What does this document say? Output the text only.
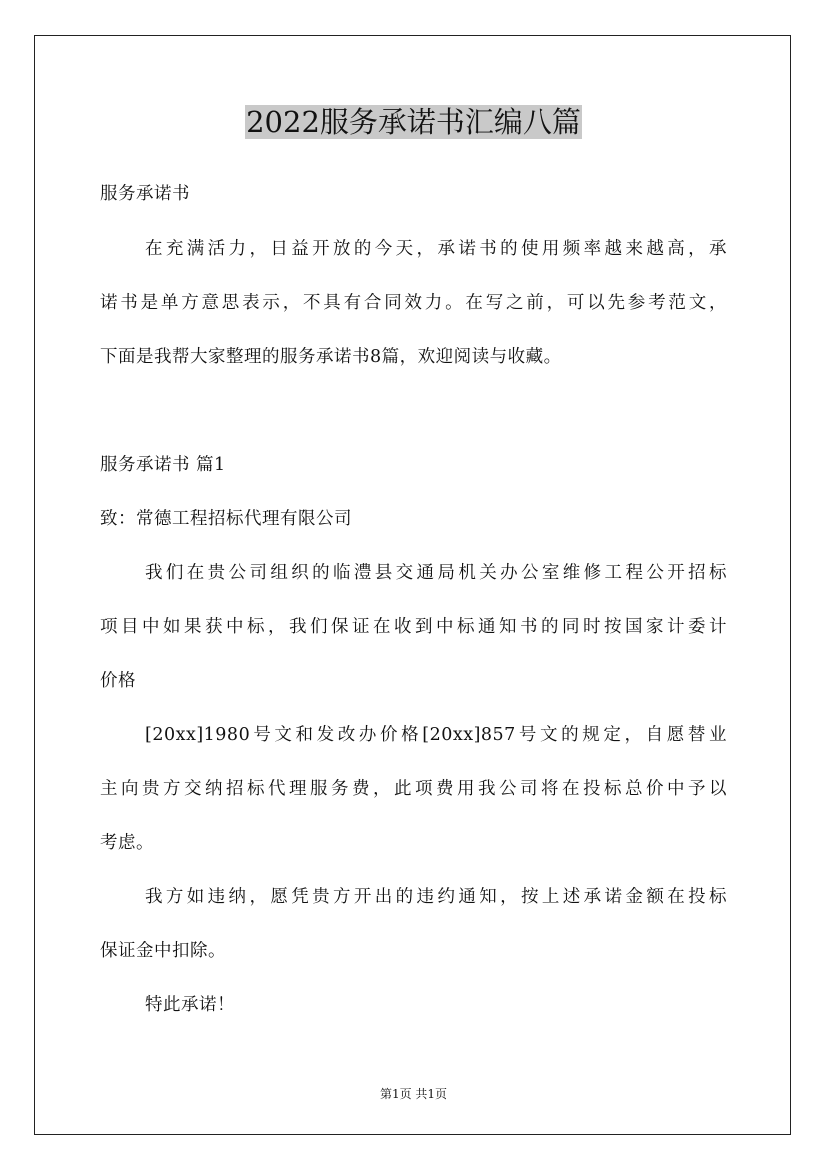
2022服务承诺书汇编八篇
服务承诺书
在充满活力，日益开放的今天，承诺书的使用频率越来越高，承
诺书是单方意思表示，不具有合同效力。在写之前，可以先参考范文，
下面是我帮大家整理的服务承诺书8篇，欢迎阅读与收藏。
服务承诺书 篇1
致：常德工程招标代理有限公司
我们在贵公司组织的临澧县交通局机关办公室维修工程公开招标
项目中如果获中标，我们保证在收到中标通知书的同时按国家计委计
价格
[20xx]1980号文和发改办价格[20xx]857号文的规定，自愿替业
主向贵方交纳招标代理服务费，此项费用我公司将在投标总价中予以
考虑。
我方如违纳，愿凭贵方开出的违约通知，按上述承诺金额在投标
保证金中扣除。
特此承诺！
第1页 共1页
